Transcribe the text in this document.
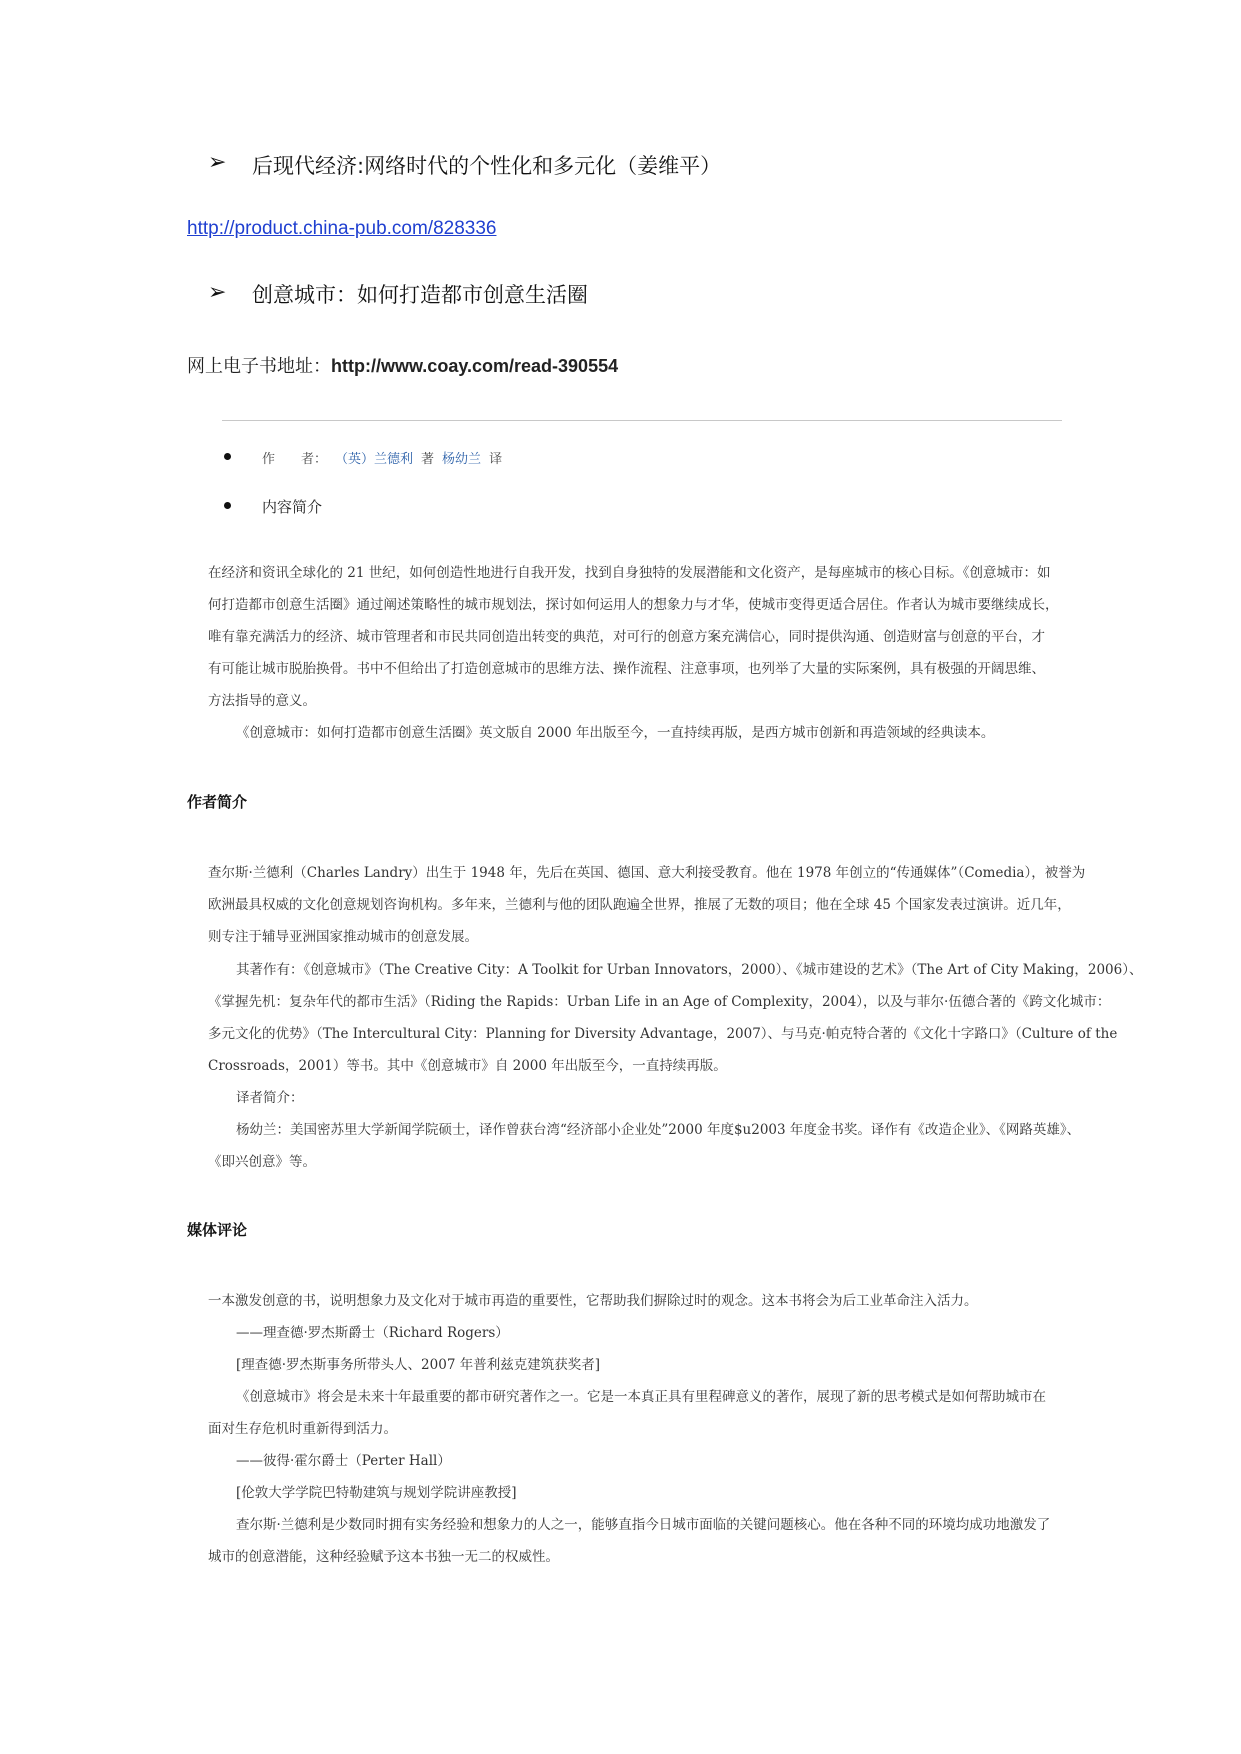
➢ 后现代经济:网络时代的个性化和多元化（姜维平）
http://product.china-pub.com/828336
➢ 创意城市：如何打造都市创意生活圈
网上电子书地址：http://www.coay.com/read-390554
作　　者： （英）兰德利 著 杨幼兰 译
内容简介
在经济和资讯全球化的 21 世纪，如何创造性地进行自我开发，找到自身独特的发展潜能和文化资产，是每座城市的核心目标。《创意城市：如
何打造都市创意生活圈》通过阐述策略性的城市规划法，探讨如何运用人的想象力与才华，使城市变得更适合居住。作者认为城市要继续成长，
唯有靠充满活力的经济、城市管理者和市民共同创造出转变的典范，对可行的创意方案充满信心，同时提供沟通、创造财富与创意的平台，才
有可能让城市脱胎换骨。书中不但给出了打造创意城市的思维方法、操作流程、注意事项，也列举了大量的实际案例，具有极强的开阔思维、
方法指导的意义。
《创意城市：如何打造都市创意生活圈》英文版自 2000 年出版至今，一直持续再版，是西方城市创新和再造领域的经典读本。
作者简介
查尔斯·兰德利（Charles Landry）出生于 1948 年，先后在英国、德国、意大利接受教育。他在 1978 年创立的“传通媒体”（Comedia），被誉为
欧洲最具权威的文化创意规划咨询机构。多年来，兰德利与他的团队跑遍全世界，推展了无数的项目；他在全球 45 个国家发表过演讲。近几年，
则专注于辅导亚洲国家推动城市的创意发展。
其著作有：《创意城市》（The Creative City：A Toolkit for Urban Innovators，2000）、《城市建设的艺术》（The Art of City Making，2006）、
《掌握先机：复杂年代的都市生活》（Riding the Rapids：Urban Life in an Age of Complexity，2004），以及与菲尔·伍德合著的《跨文化城市：
多元文化的优势》（The Intercultural City：Planning for Diversity Advantage，2007）、与马克·帕克特合著的《文化十字路口》（Culture of the
Crossroads，2001）等书。其中《创意城市》自 2000 年出版至今，一直持续再版。
译者简介：
杨幼兰：美国密苏里大学新闻学院硕士，译作曾获台湾“经济部小企业处”2000 年度$u2003 年度金书奖。译作有《改造企业》、《网路英雄》、
《即兴创意》等。
媒体评论
一本激发创意的书，说明想象力及文化对于城市再造的重要性，它帮助我们摒除过时的观念。这本书将会为后工业革命注入活力。
——理查德·罗杰斯爵士（Richard Rogers）
[理查德·罗杰斯事务所带头人、2007 年普利兹克建筑获奖者]
《创意城市》将会是未来十年最重要的都市研究著作之一。它是一本真正具有里程碑意义的著作，展现了新的思考模式是如何帮助城市在
面对生存危机时重新得到活力。
——彼得·霍尔爵士（Perter Hall）
[伦敦大学学院巴特勒建筑与规划学院讲座教授]
查尔斯·兰德利是少数同时拥有实务经验和想象力的人之一，能够直指今日城市面临的关键问题核心。他在各种不同的环境均成功地激发了
城市的创意潜能，这种经验赋予这本书独一无二的权威性。
